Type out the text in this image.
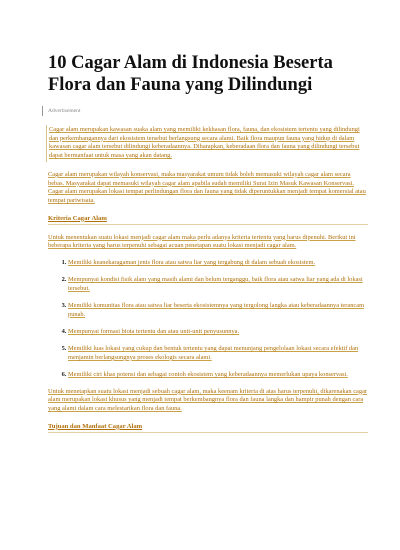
10 Cagar Alam di Indonesia Beserta Flora dan Fauna yang Dilindungi
Advertisement
Cagar alam merupakan kawasan suaka alam yang memiliki kekhasan flora, fauna, dan ekosistem tertentu yang dilindungi dan perkembangannya dari ekosistem tersebut berlangsung secara alami. Baik flora maupun fauna yang hidup di dalam kawasan cagar alam tersebut dilindungi keberadaannya. Diharapkan, keberadaan flora dan fauna yang dilindungi tersebut dapat bermanfaat untuk masa yang akan datang.
Cagar alam merupakan wilayah konservasi, maka masyarakat umum tidak boleh memasuki wilayah cagar alam secara bebas. Masyarakat dapat memasuki wilayah cagar alam apabila sudah memiliki Surat Izin Masuk Kawasan Konservasi. Cagar alam merupakan lokasi tempat perlindungan flora dan fauna yang tidak diperuntukkan menjadi tempat komersial atau tempat pariwisata.
Kriteria Cagar Alam
Untuk menentukan suatu lokasi menjadi cagar alam maka perlu adanya kriteria tertentu yang harus dipenuhi. Berikut ini beberapa kriteria yang harus terpenuhi sebagai acuan penetapan suatu lokasi menjadi cagar alam.
1. Memiliki keanekaragaman jenis flora atau satwa liar yang tergabung di dalam sebuah ekosistem.
2. Mempunyai kondisi fisik alam yang masih alami dan belum terganggu, baik flora atau satwa liar yang ada di lokasi tersebut.
3. Memiliki komunitas flora atau satwa liar beserta ekosistemnya yang tergolong langka atau keberadaannya terancam punah.
4. Mempunyai formasi biota tertentu dan atau unit-unit penyusunnya.
5. Memiliki luas lokasi yang cukup dan bentuk tertentu yang dapat menunjang pengelolaan lokasi secara efektif dan menjamin berlangsungnya proses ekologis secara alami.
6. Memiliki ciri khas potensi dan sebagai contoh ekosistem yang keberadaannya memerlukan upaya konservasi.
Untuk menetapkan suatu lokasi menjadi sebuah cagar alam, maka keenam kriteria di atas harus terpenuhi, dikarenakan cagar alam merupakan lokasi khusus yang menjadi tempat berkembangnya flora dan fauna langka dan hampir punah dengan cara yang alami dalam cara melestarikan flora dan fauna.
Tujuan dan Manfaat Cagar Alam
